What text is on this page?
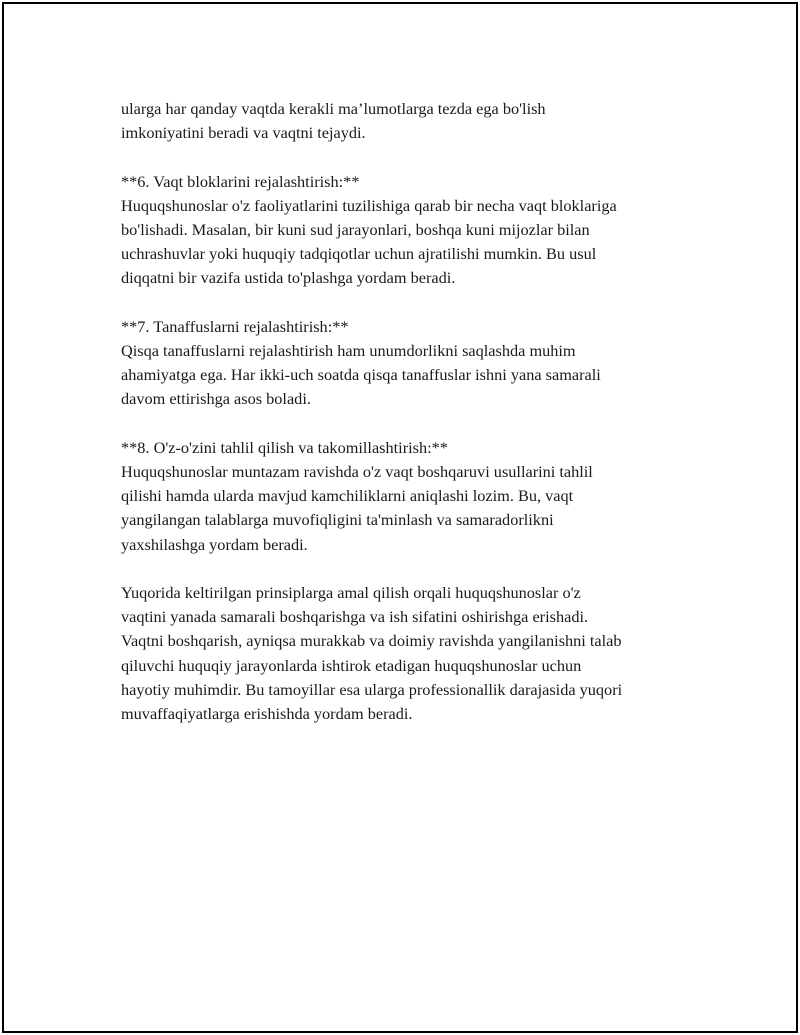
ularga har qanday vaqtda kerakli ma’lumotlarga tezda ega bo'lish
imkoniyatini beradi va vaqtni tejaydi.
**6. Vaqt bloklarini rejalashtirish:**
Huquqshunoslar o'z faoliyatlarini tuzilishiga qarab bir necha vaqt bloklariga
bo'lishadi. Masalan, bir kuni sud jarayonlari, boshqa kuni mijozlar bilan
uchrashuvlar yoki huquqiy tadqiqotlar uchun ajratilishi mumkin. Bu usul
diqqatni bir vazifa ustida to'plashga yordam beradi.
**7. Tanaffuslarni rejalashtirish:**
Qisqa tanaffuslarni rejalashtirish ham unumdorlikni saqlashda muhim
ahamiyatga ega. Har ikki-uch soatda qisqa tanaffuslar ishni yana samarali
davom ettirishga asos boladi.
**8. O'z-o'zini tahlil qilish va takomillashtirish:**
Huquqshunoslar muntazam ravishda o'z vaqt boshqaruvi usullarini tahlil
qilishi hamda ularda mavjud kamchiliklarni aniqlashi lozim. Bu, vaqt
yangilangan talablarga muvofiqligini ta'minlash va samaradorlikni
yaxshilashga yordam beradi.
Yuqorida keltirilgan prinsiplarga amal qilish orqali huquqshunoslar o'z
vaqtini yanada samarali boshqarishga va ish sifatini oshirishga erishadi.
Vaqtni boshqarish, ayniqsa murakkab va doimiy ravishda yangilanishni talab
qiluvchi huquqiy jarayonlarda ishtirok etadigan huquqshunoslar uchun
hayotiy muhimdir. Bu tamoyillar esa ularga professionallik darajasida yuqori
muvaffaqiyatlarga erishishda yordam beradi.
